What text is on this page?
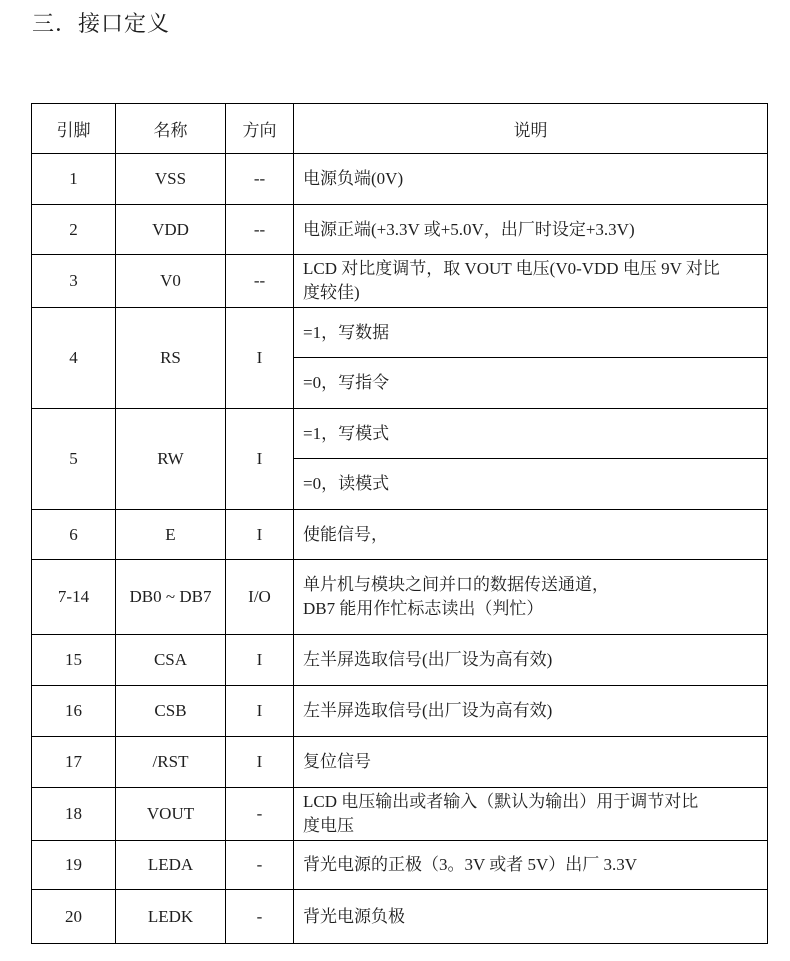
三．接口定义
引脚	名称	方向	说明
1	VSS	--	电源负端(0V)

2	VDD	--	电源正端(+3.3V 或+5.0V，出厂时设定+3.3V)

3	V0	--	LCD 对比度调节，取 VOUT 电压(V0-VDD 电压 9V 对比
度较佳)

4	RS	I	=1，写数据

			=0，写指令

5	RW	I	=1，写模式

			=0，读模式

6	E	I	使能信号，

7-14	DB0 ~ DB7	I/O	单片机与模块之间并口的数据传送通道，
DB7 能用作忙标志读出（判忙）

15	CSA	I	左半屏选取信号(出厂设为高有效)

16	CSB	I	左半屏选取信号(出厂设为高有效)

17	/RST	I	复位信号

18	VOUT	-	LCD 电压输出或者输入（默认为输出）用于调节对比
度电压

19	LEDA	-	背光电源的正极（3。3V 或者 5V）出厂 3.3V

20	LEDK	-	背光电源负极
